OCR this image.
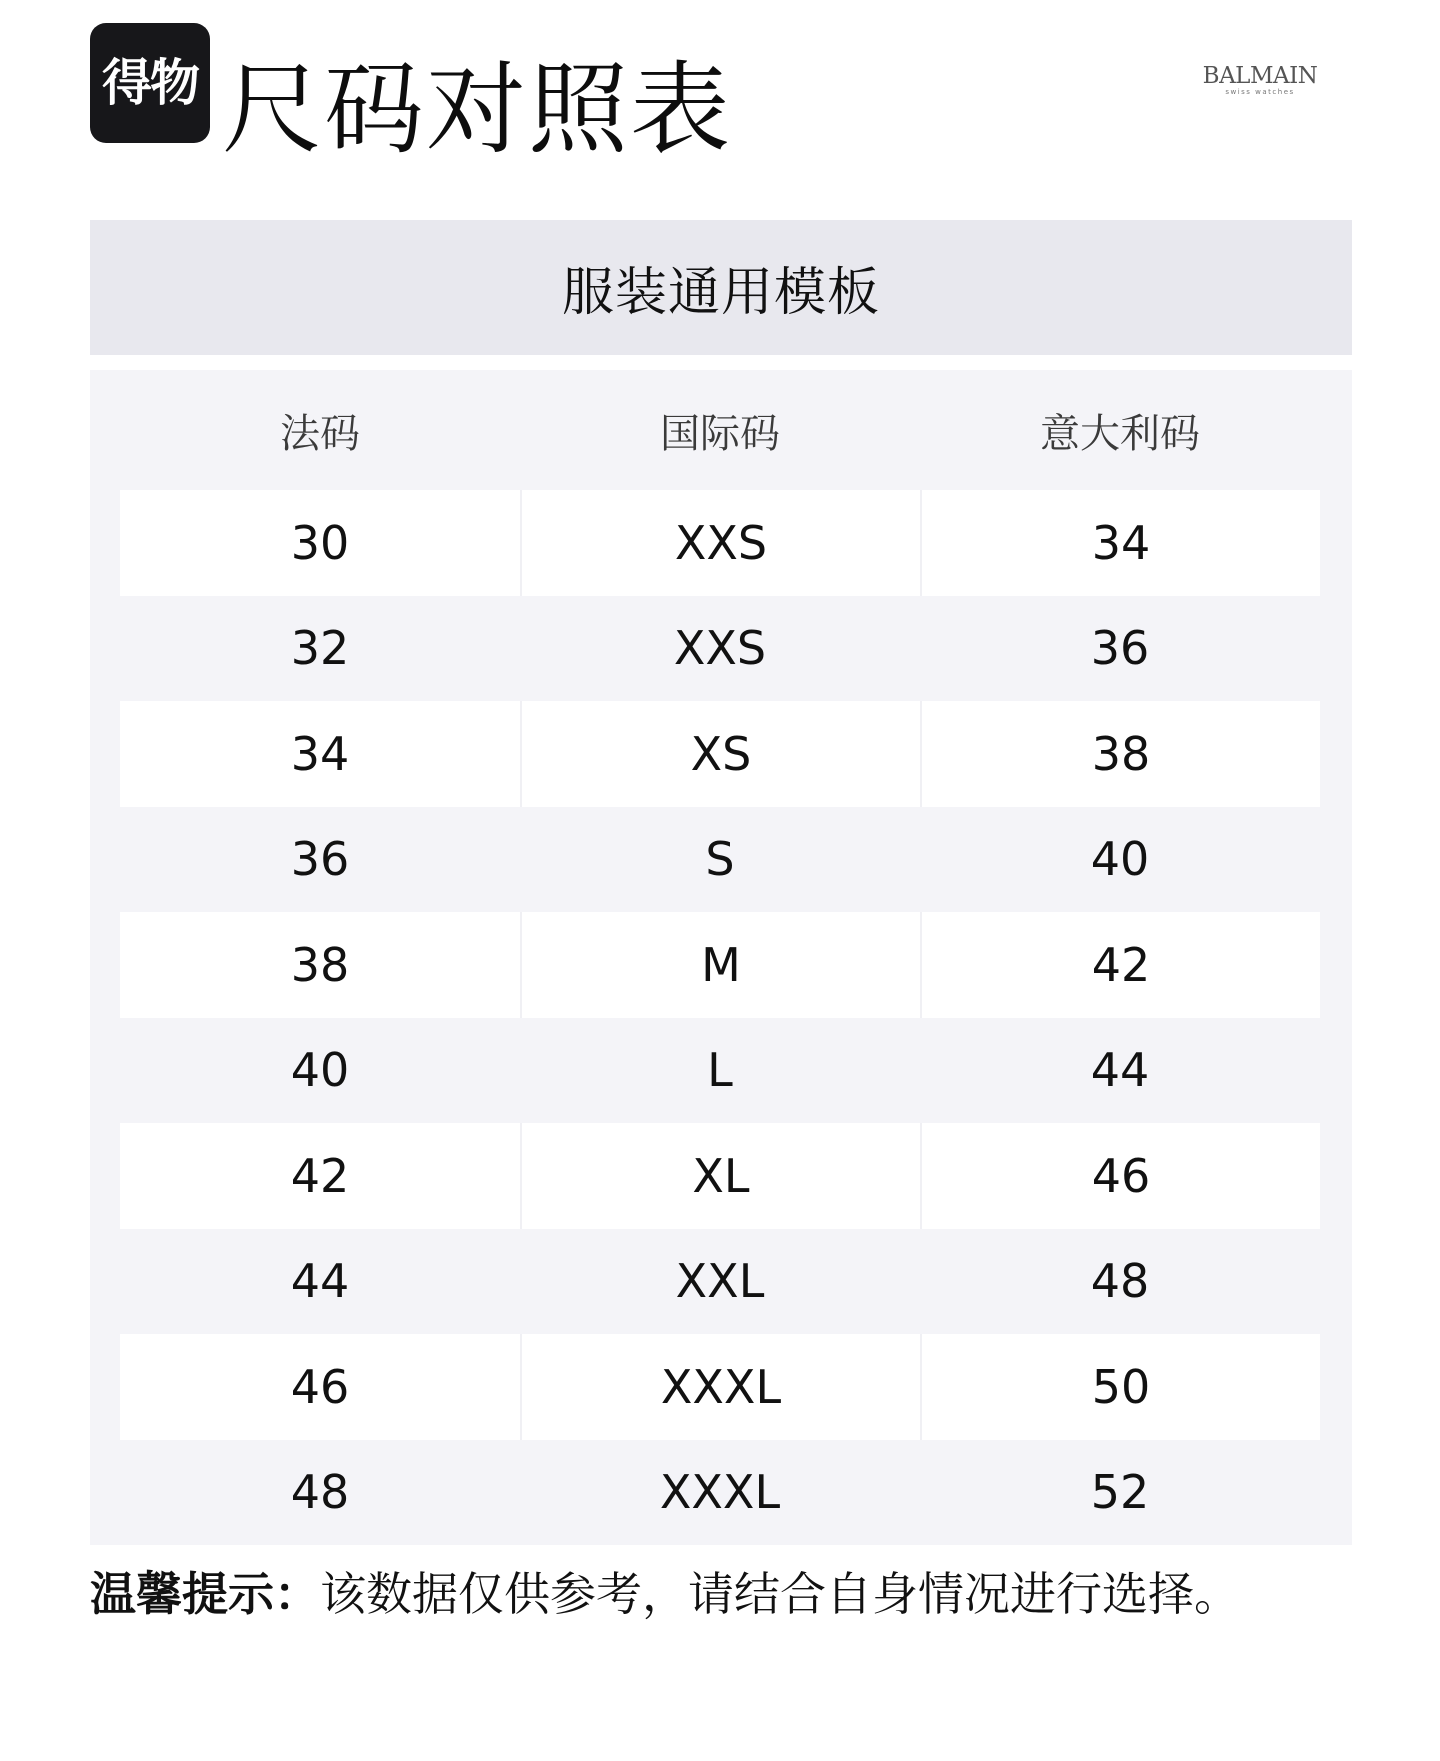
得物 尺码对照表	BALMAIN
swiss watches
服装通用模板
法码	国际码	意大利码
30	XXS	34
32	XXS	36
34	XS	38
36	S	40
38	M	42
40	L	44
42	XL	46
44	XXL	48
46	XXXL	50
48	XXXL	52
温馨提示：该数据仅供参考，请结合自身情况进行选择。
